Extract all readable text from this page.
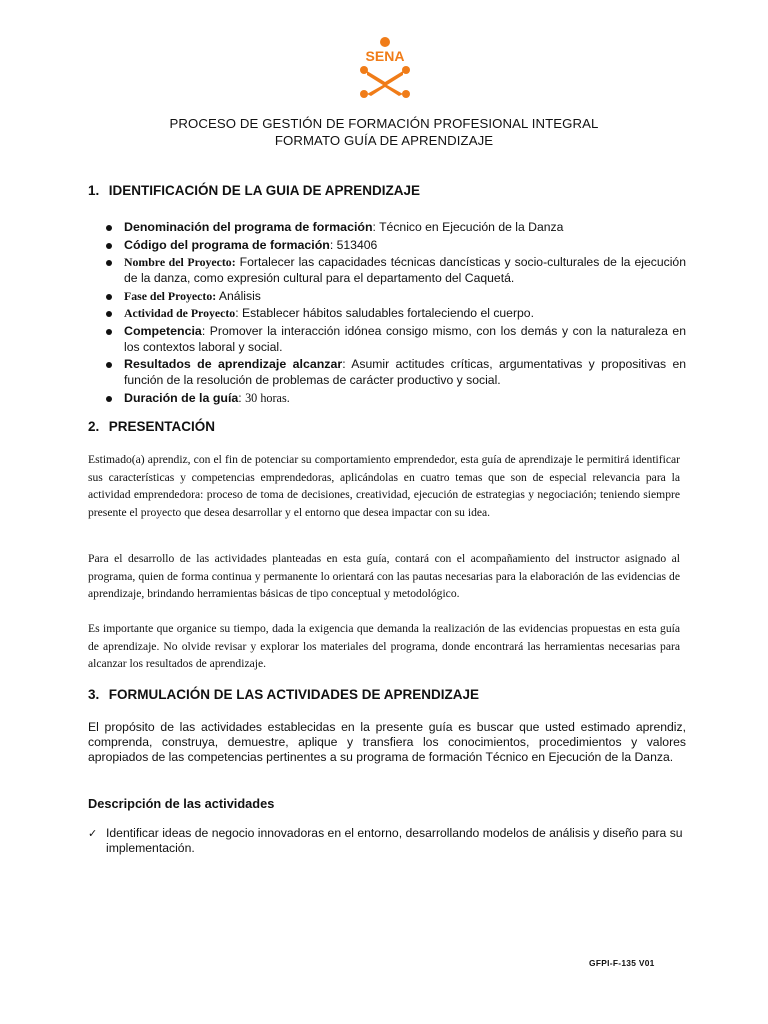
SENA
PROCESO DE GESTIÓN DE FORMACIÓN PROFESIONAL INTEGRAL
FORMATO GUÍA DE APRENDIZAJE
1. IDENTIFICACIÓN DE LA GUIA DE APRENDIZAJE
Denominación del programa de formación: Técnico en Ejecución de la Danza
Código del programa de formación: 513406
Nombre del Proyecto: Fortalecer las capacidades técnicas dancísticas y socio-culturales de la ejecución de la danza, como expresión cultural para el departamento del Caquetá.
Fase del Proyecto: Análisis
Actividad de Proyecto: Establecer hábitos saludables fortaleciendo el cuerpo.
Competencia: Promover la interacción idónea consigo mismo, con los demás y con la naturaleza en los contextos laboral y social.
Resultados de aprendizaje alcanzar: Asumir actitudes críticas, argumentativas y propositivas en función de la resolución de problemas de carácter productivo y social.
Duración de la guía: 30 horas.
2. PRESENTACIÓN
Estimado(a) aprendiz, con el fin de potenciar su comportamiento emprendedor, esta guía de aprendizaje le permitirá identificar sus características y competencias emprendedoras, aplicándolas en cuatro temas que son de especial relevancia para la actividad emprendedora: proceso de toma de decisiones, creatividad, ejecución de estrategias y negociación; teniendo siempre presente el proyecto que desea desarrollar y el entorno que desea impactar con su idea.
Para el desarrollo de las actividades planteadas en esta guía, contará con el acompañamiento del instructor asignado al programa, quien de forma continua y permanente lo orientará con las pautas necesarias para la elaboración de las evidencias de aprendizaje, brindando herramientas básicas de tipo conceptual y metodológico.
Es importante que organice su tiempo, dada la exigencia que demanda la realización de las evidencias propuestas en esta guía de aprendizaje. No olvide revisar y explorar los materiales del programa, donde encontrará las herramientas necesarias para alcanzar los resultados de aprendizaje.
3. FORMULACIÓN DE LAS ACTIVIDADES DE APRENDIZAJE
El propósito de las actividades establecidas en la presente guía es buscar que usted estimado aprendiz, comprenda, construya, demuestre, aplique y transfiera los conocimientos, procedimientos y valores apropiados de las competencias pertinentes a su programa de formación Técnico en Ejecución de la Danza.
Descripción de las actividades
✓ Identificar ideas de negocio innovadoras en el entorno, desarrollando modelos de análisis y diseño para su implementación.
GFPI-F-135 V01
